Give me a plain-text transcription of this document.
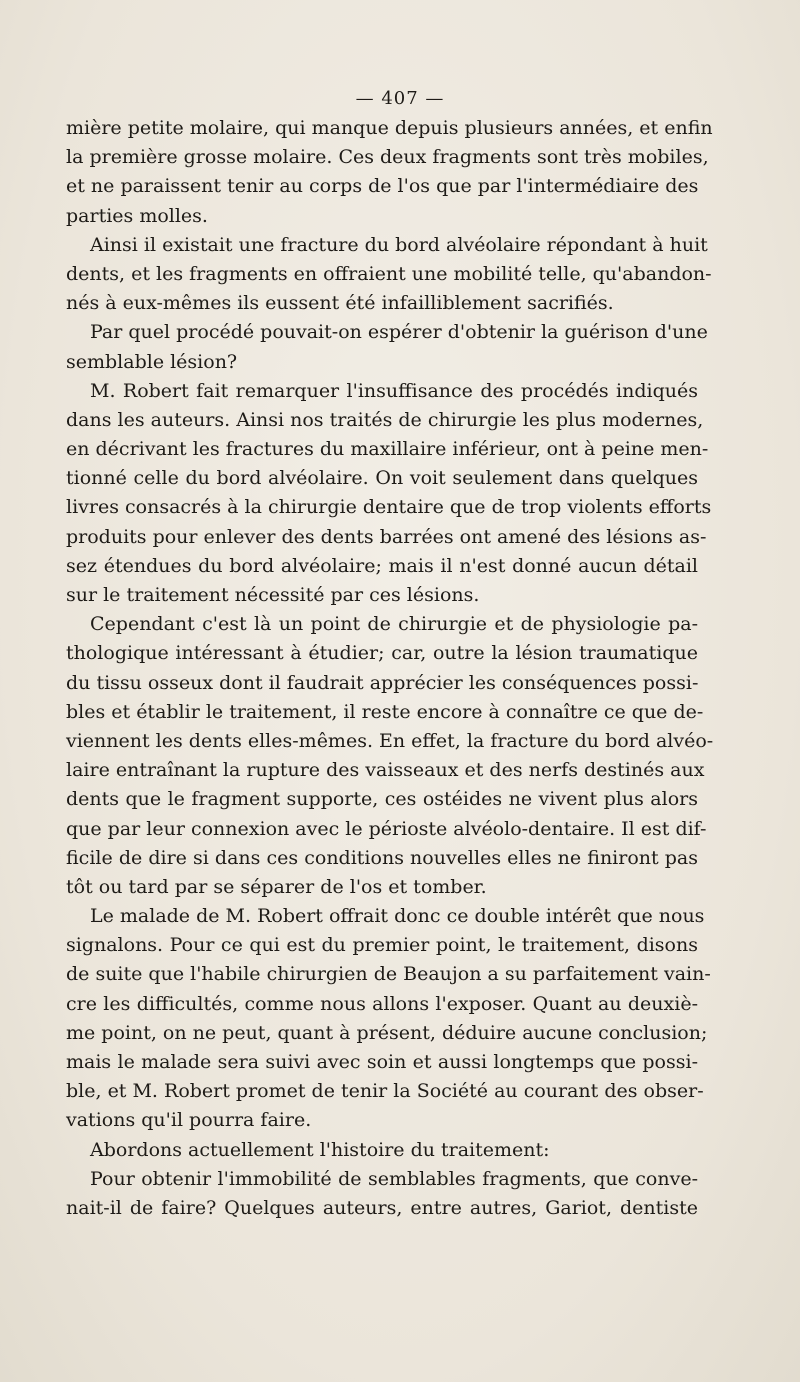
— 407 —
mière petite molaire, qui manque depuis plusieurs années, et enfin
la première grosse molaire. Ces deux fragments sont très mobiles,
et ne paraissent tenir au corps de l'os que par l'intermédiaire des
parties molles.
Ainsi il existait une fracture du bord alvéolaire répondant à huit
dents, et les fragments en offraient une mobilité telle, qu'abandon-
nés à eux-mêmes ils eussent été infailliblement sacrifiés.
Par quel procédé pouvait-on espérer d'obtenir la guérison d'une
semblable lésion?
M. Robert fait remarquer l'insuffisance des procédés indiqués
dans les auteurs. Ainsi nos traités de chirurgie les plus modernes,
en décrivant les fractures du maxillaire inférieur, ont à peine men-
tionné celle du bord alvéolaire. On voit seulement dans quelques
livres consacrés à la chirurgie dentaire que de trop violents efforts
produits pour enlever des dents barrées ont amené des lésions as-
sez étendues du bord alvéolaire; mais il n'est donné aucun détail
sur le traitement nécessité par ces lésions.
Cependant c'est là un point de chirurgie et de physiologie pa-
thologique intéressant à étudier; car, outre la lésion traumatique
du tissu osseux dont il faudrait apprécier les conséquences possi-
bles et établir le traitement, il reste encore à connaître ce que de-
viennent les dents elles-mêmes. En effet, la fracture du bord alvéo-
laire entraînant la rupture des vaisseaux et des nerfs destinés aux
dents que le fragment supporte, ces ostéides ne vivent plus alors
que par leur connexion avec le périoste alvéolo-dentaire. Il est dif-
ficile de dire si dans ces conditions nouvelles elles ne finiront pas
tôt ou tard par se séparer de l'os et tomber.
Le malade de M. Robert offrait donc ce double intérêt que nous
signalons. Pour ce qui est du premier point, le traitement, disons
de suite que l'habile chirurgien de Beaujon a su parfaitement vain-
cre les difficultés, comme nous allons l'exposer. Quant au deuxiè-
me point, on ne peut, quant à présent, déduire aucune conclusion;
mais le malade sera suivi avec soin et aussi longtemps que possi-
ble, et M. Robert promet de tenir la Société au courant des obser-
vations qu'il pourra faire.
Abordons actuellement l'histoire du traitement:
Pour obtenir l'immobilité de semblables fragments, que conve-
nait-il de faire? Quelques auteurs, entre autres, Gariot, dentiste
